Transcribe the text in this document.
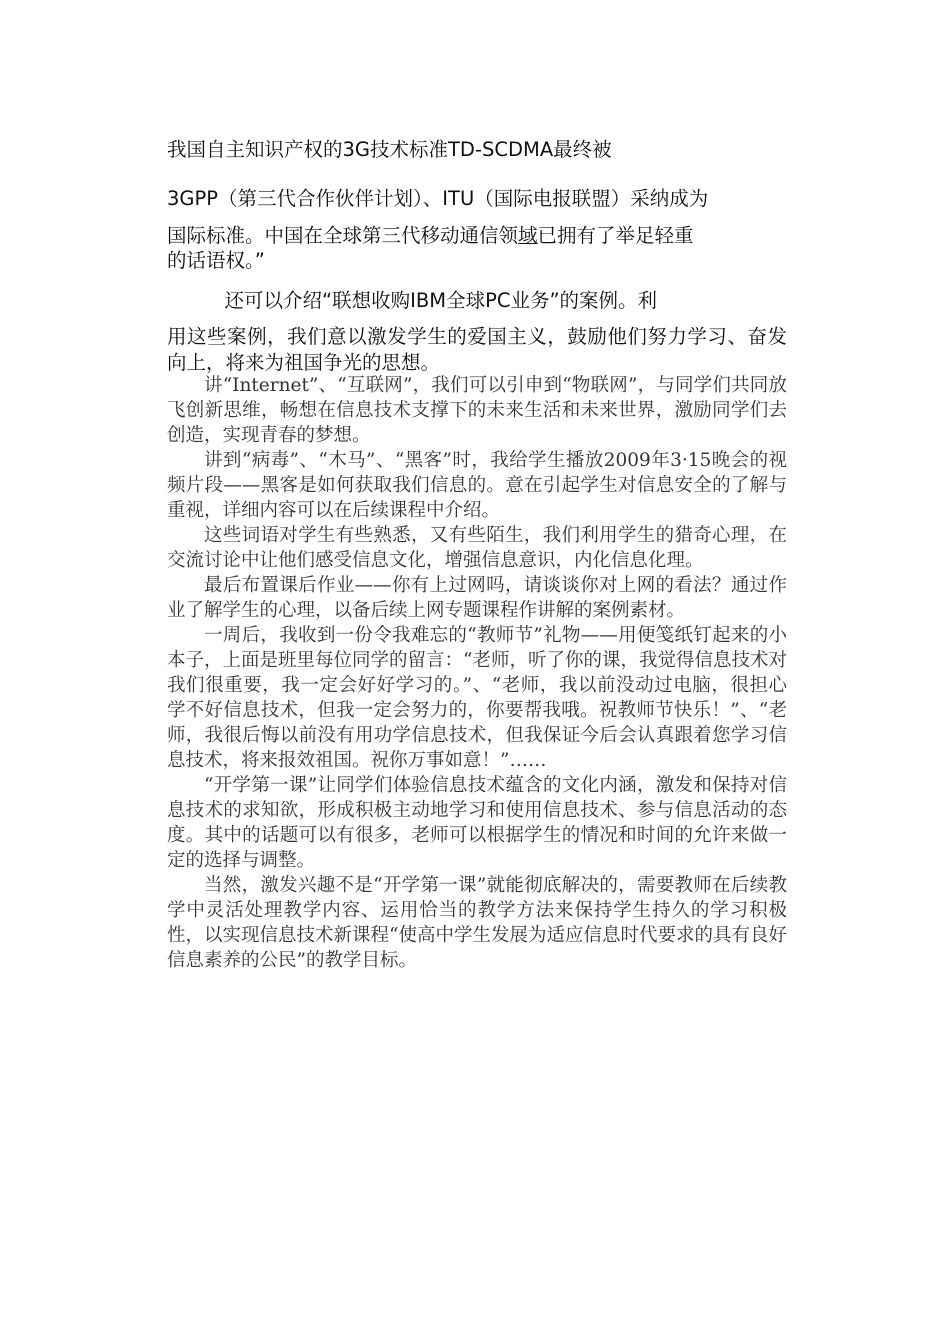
我国自主知识产权的3G技术标准TD-SCDMA最终被

3GPP（第三代合作伙伴计划）、ITU（国际电报联盟）采纳成为

国际标准。中国在全球第三代移动通信领域已拥有了举足轻重

的话语权。”

还可以介绍“联想收购IBM全球PC业务”的案例。利

用这些案例，我们意以激发学生的爱国主义，鼓励他们努力学习、奋发向上，将来为祖国争光的思想。

讲“Internet”、“互联网”，我们可以引申到“物联网”，与同学们共同放飞创新思维，畅想在信息技术支撑下的未来生活和未来世界，激励同学们去创造，实现青春的梦想。

讲到“病毒”、“木马”、“黑客”时，我给学生播放2009年3·15晚会的视频片段——黑客是如何获取我们信息的。意在引起学生对信息安全的了解与重视，详细内容可以在后续课程中介绍。

这些词语对学生有些熟悉，又有些陌生，我们利用学生的猎奇心理，在交流讨论中让他们感受信息文化，增强信息意识，内化信息化理。

最后布置课后作业——你有上过网吗，请谈谈你对上网的看法？通过作业了解学生的心理，以备后续上网专题课程作讲解的案例素材。

一周后，我收到一份令我难忘的“教师节”礼物——用便笺纸钉起来的小本子，上面是班里每位同学的留言：“老师，听了你的课，我觉得信息技术对我们很重要，我一定会好好学习的。”、“老师，我以前没动过电脑，很担心学不好信息技术，但我一定会努力的，你要帮我哦。祝教师节快乐！”、“老师，我很后悔以前没有用功学信息技术，但我保证今后会认真跟着您学习信息技术，将来报效祖国。祝你万事如意！”……

“开学第一课”让同学们体验信息技术蕴含的文化内涵，激发和保持对信息技术的求知欲，形成积极主动地学习和使用信息技术、参与信息活动的态度。其中的话题可以有很多，老师可以根据学生的情况和时间的允许来做一定的选择与调整。

当然，激发兴趣不是“开学第一课”就能彻底解决的，需要教师在后续教学中灵活处理教学内容、运用恰当的教学方法来保持学生持久的学习积极性，以实现信息技术新课程“使高中学生发展为适应信息时代要求的具有良好信息素养的公民”的教学目标。
